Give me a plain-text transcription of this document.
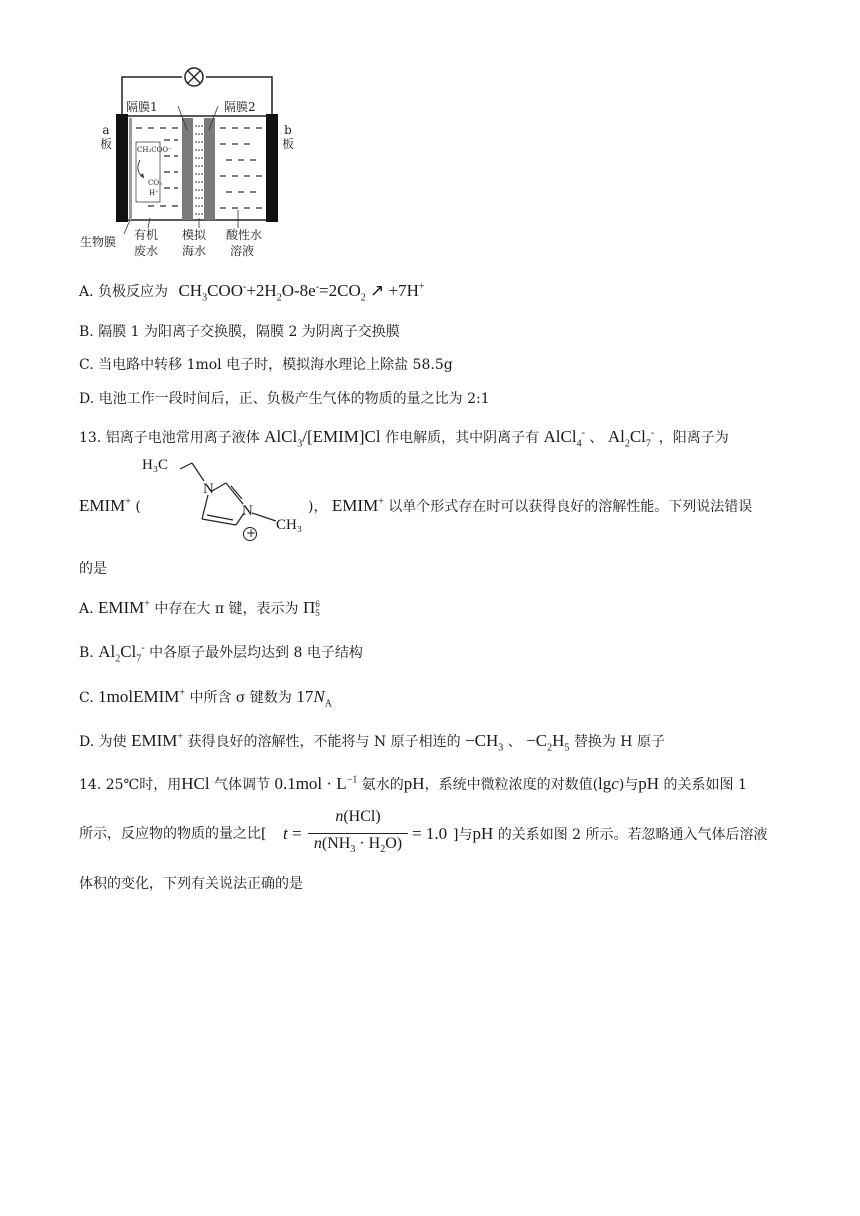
隔膜1	隔膜2
a板
b板
CH₃COO⁻
CO₂
H⁺
生物膜 有机
废水
模拟
海水
酸性水
溶液
A. 负极反应为 $CH_3COO^-+2H_2O-8e^-=2CO_2$ ↗ +7H+
B. 隔膜 1 为阳离子交换膜，隔膜 2 为阴离子交换膜
C. 当电路中转移 1mol 电子时，模拟海水理论上除盐 58.5g
D. 电池工作一段时间后，正、负极产生气体的物质的量之比为 2:1
13. 铝离子电池常用离子液体 AlCl$_3$/[EMIM]Cl 作电解质，其中阴离子有 AlCl$_4$- 、 $Al_2Cl_7^-$ ，阳离子为
H₃C
N
N
CH₃
+
EMIM+ (	)， EMIM+ 以单个形式存在时可以获得良好的溶解性能。下列说法错误
的是
A. EMIM+ 中存在大 π 键，表示为 Π 6
5
B. $Al_2Cl_7^-$ 中各原子最外层均达到 8 电子结构
C. 1molEMIM+ 中所含 σ 键数为 $17N_A$
D. 为使 EMIM+ 获得良好的溶解性，不能将与 N 原子相连的 $-CH_3$ 、 $-C_2H_5$ 替换为 H 原子
14. 25℃时，用HCl 气体调节 $0.1mol \cdot L^{-1}$ 氨水的pH，系统中微粒浓度的对数值(lgc)与pH 的关系如图 1
所示，反应物的物质的量之比[ t =
n(HCl)
$n(NH_3 \cdot H_2O)$
= 1.0 ]与pH 的关系如图 2 所示。若忽略通入气体后溶液
体积的变化，下列有关说法正确的是
